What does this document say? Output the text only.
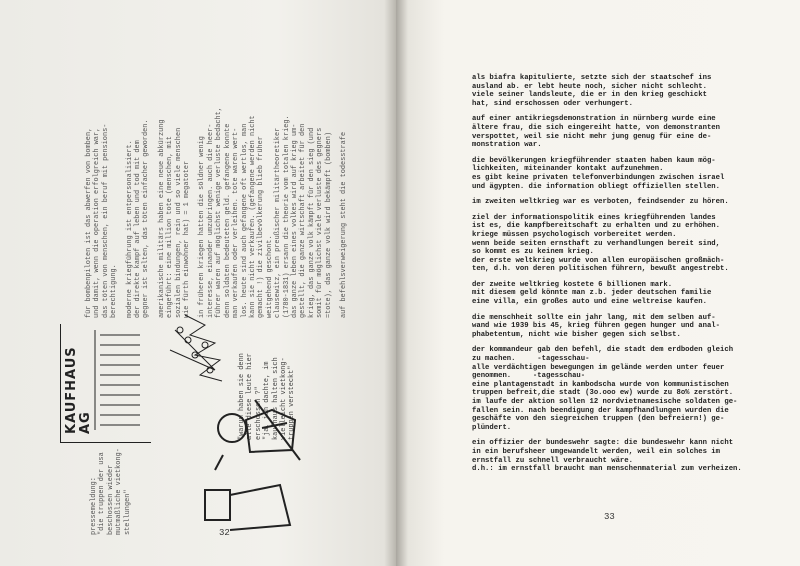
für bombenpiloten ist das abwerfen von bomben, und damit, wenn die operation erfolgreich war, das töten von menschen, ein beruf mit pensions- berechtigung. moderne kriegführung ist entpersonalisiert. der direkte kampf auf leben und tod mit dem gegner ist selten, das töten einfacher geworden. amerikanische militärs haben eine neue abkürzung eingeführt: eine million tote (menschen, mit sozialen bindungen, rein und so viele menschen wie fürth einwohner hat) = 1 megatoter in früheren kriegen hatten die söldner wenig interesse, einander umzubringen. auch die heer- führer waren auf möglichst wenige verluste bedacht, denn soldaten bedeuteten geld. gefangene konnte man verkaufen oder verleihen. tote waren wert- los. heute sind auch gefangene oft wertlos, man kann sie nicht verkaufen. (gefangene werden nicht gemacht !) die zivilbevölkerung blieb früher weitgehend geschont. clausewitz, ein preußischer militärtheoretiker (1780-1831) ersann die theorie vom totalen krieg. das ganze leben eines volkes wird auf krieg um- gestellt, die ganze wirtschaft arbeitet für den krieg, das ganze volk kämpft für den sieg (und somit für möglichst viele verluste des gegners =tote), das ganze volk wird bekämpft (bomben) auf befehlsverweigerung steht die todesstrafe

pressemeldung: "die truppen der usa beschossen wieder mutmaßliche vietkong- stellungen"
KAUFHAUS AG	"warum haben sie denn alle diese leute hier erschossen ?" "ja, ich dachte, im kaufhaus halten sich vielleicht vietkong- truppen versteckt"
32
33

als biafra kapitulierte, setzte sich der staatschef ins
ausland ab. er lebt heute noch, sicher nicht schlecht.
viele seiner landsleute, die er in den krieg geschickt
hat, sind erschossen oder verhungert.

auf einer antikriegsdemonstration in nürnberg wurde eine
ältere frau, die sich eingereiht hatte, von demonstranten
verspottet, weil sie nicht mehr jung genug für eine de-
monstration war.

die bevölkerungen kriegführender staaten haben kaum mög-
lichkeiten, miteinander kontakt aufzunehmen.
es gibt keine privaten telefonverbindungen zwischen israel
und ägypten. die information obliegt offiziellen stellen.

im zweiten weltkrieg war es verboten, feindsender zu hören.

ziel der informationspolitik eines kriegführenden landes
ist es, die kampfbereitschaft zu erhalten und zu erhöhen.
kriege müssen psychologisch vorbereitet werden.
wenn beide seiten ernsthaft zu verhandlungen bereit sind,
so kommt es zu keinem krieg.
der erste weltkrieg wurde von allen europäischen großmäch-
ten, d.h. von deren politischen führern, bewußt angestrebt.

der zweite weltkrieg kostete 6 billionen mark.
mit diesem geld könnte man z.b. jeder deutschen familie
eine villa, ein großes auto und eine weltreise kaufen.

die menschheit sollte ein jahr lang, mit dem selben auf-
wand wie 1939 bis 45, krieg führen gegen hunger und anal-
phabetentum, nicht wie bisher gegen sich selbst.

der kommandeur gab den befehl, die stadt dem erdboden gleich
zu machen.     -tagesschau-
alle verdächtigen bewegungen im gelände werden unter feuer
genommen.     -tagesschau-
eine plantagenstadt in kambodscha wurde von kommunistischen
truppen befreit,die stadt (3o.ooo ew) wurde zu 8o% zerstört.
im laufe der aktion sollen 12 nordvietnamesische soldaten ge-
fallen sein. nach beendigung der kampfhandlungen wurden die
geschäfte von den siegreichen truppen (den befreiern!) ge-
plündert.

ein offizier der bundeswehr sagte: die bundeswehr kann nicht
in ein berufsheer umgewandelt werden, weil ein solches im
ernstfall zu schnell verbraucht wäre.
d.h.: im ernstfall braucht man menschenmaterial zum verheizen.
